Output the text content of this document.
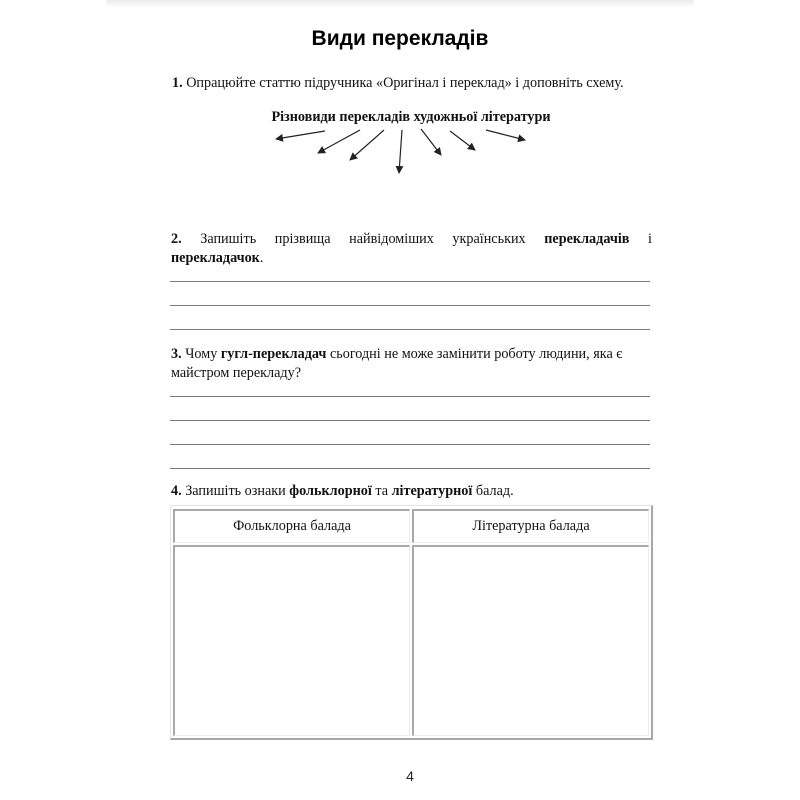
Види перекладів
1. Опрацюйте статтю підручника «Оригінал і переклад» і доповніть схему.
Різновиди перекладів художньої літератури
2. Запишіть прізвища найвідоміших українських перекладачів і перекладачок.
3. Чому гугл-перекладач сьогодні не може замінити роботу людини, яка є майстром перекладу?
4. Запишіть ознаки фольклорної та літературної балад.
Фольклорна балада	Літературна балада
4
